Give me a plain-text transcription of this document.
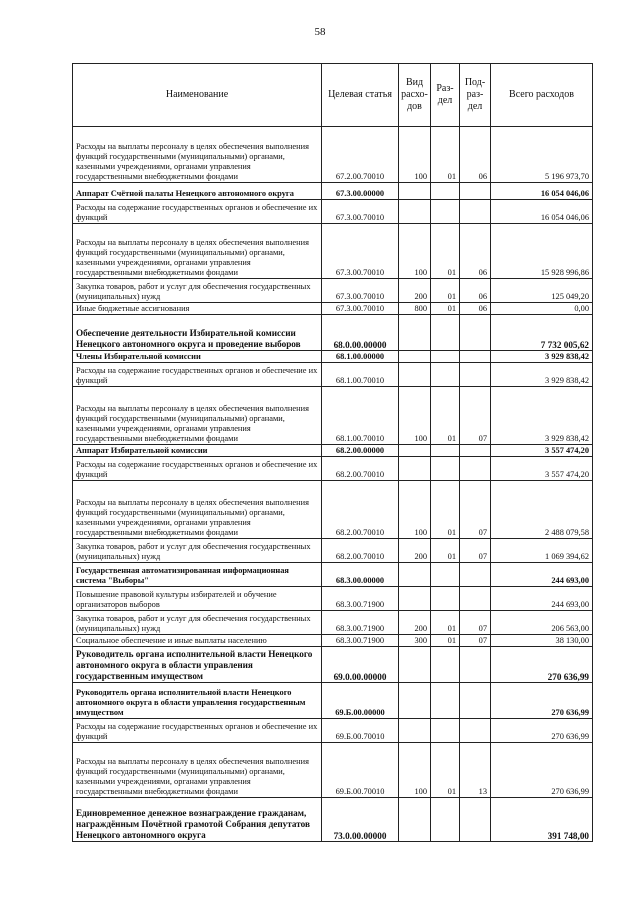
58
Наименование	Целевая статья	Вид расхо-дов	Раз-дел	Под-раз-дел	Всего расходов
Расходы на выплаты персоналу в целях обеспечения выполнения функций государственными (муниципальными) органами, казенными учреждениями, органами управления государственными внебюджетными фондами	67.2.00.70010	100	01	06	5 196 973,70
Аппарат Счётной палаты Ненецкого автономного округа	67.3.00.00000				16 054 046,06
Расходы на содержание государственных органов и обеспечение их функций	67.3.00.70010				16 054 046,06
Расходы на выплаты персоналу в целях обеспечения выполнения функций государственными (муниципальными) органами, казенными учреждениями, органами управления государственными внебюджетными фондами	67.3.00.70010	100	01	06	15 928 996,86
Закупка товаров, работ и услуг для обеспечения государственных (муниципальных) нужд	67.3.00.70010	200	01	06	125 049,20
Иные бюджетные ассигнования	67.3.00.70010	800	01	06	0,00
Обеспечение деятельности Избирательной комиссии Ненецкого автономного округа и проведение выборов	68.0.00.00000				7 732 005,62
Члены Избирательной комиссии	68.1.00.00000				3 929 838,42
Расходы на содержание государственных органов и обеспечение их функций	68.1.00.70010				3 929 838,42
Расходы на выплаты персоналу в целях обеспечения выполнения функций государственными (муниципальными) органами, казенными учреждениями, органами управления государственными внебюджетными фондами	68.1.00.70010	100	01	07	3 929 838,42
Аппарат Избирательной комиссии	68.2.00.00000				3 557 474,20
Расходы на содержание государственных органов и обеспечение их функций	68.2.00.70010				3 557 474,20
Расходы на выплаты персоналу в целях обеспечения выполнения функций государственными (муниципальными) органами, казенными учреждениями, органами управления государственными внебюджетными фондами	68.2.00.70010	100	01	07	2 488 079,58
Закупка товаров, работ и услуг для обеспечения государственных (муниципальных) нужд	68.2.00.70010	200	01	07	1 069 394,62
Государственная автоматизированная информационная система "Выборы"	68.3.00.00000				244 693,00
Повышение правовой культуры избирателей и обучение организаторов выборов	68.3.00.71900				244 693,00
Закупка товаров, работ и услуг для обеспечения государственных (муниципальных) нужд	68.3.00.71900	200	01	07	206 563,00
Социальное обеспечение и иные выплаты населению	68.3.00.71900	300	01	07	38 130,00
Руководитель органа исполнительной власти Ненецкого автономного округа в области управления государственным имуществом	69.0.00.00000				270 636,99
Руководитель органа исполнительной власти Ненецкого автономного округа в области управления государственным имуществом	69.Б.00.00000				270 636,99
Расходы на содержание государственных органов и обеспечение их функций	69.Б.00.70010				270 636,99
Расходы на выплаты персоналу в целях обеспечения выполнения функций государственными (муниципальными) органами, казенными учреждениями, органами управления государственными внебюджетными фондами	69.Б.00.70010	100	01	13	270 636,99
Единовременное денежное вознаграждение гражданам, награждённым Почётной грамотой Собрания депутатов Ненецкого автономного округа	73.0.00.00000				391 748,00
